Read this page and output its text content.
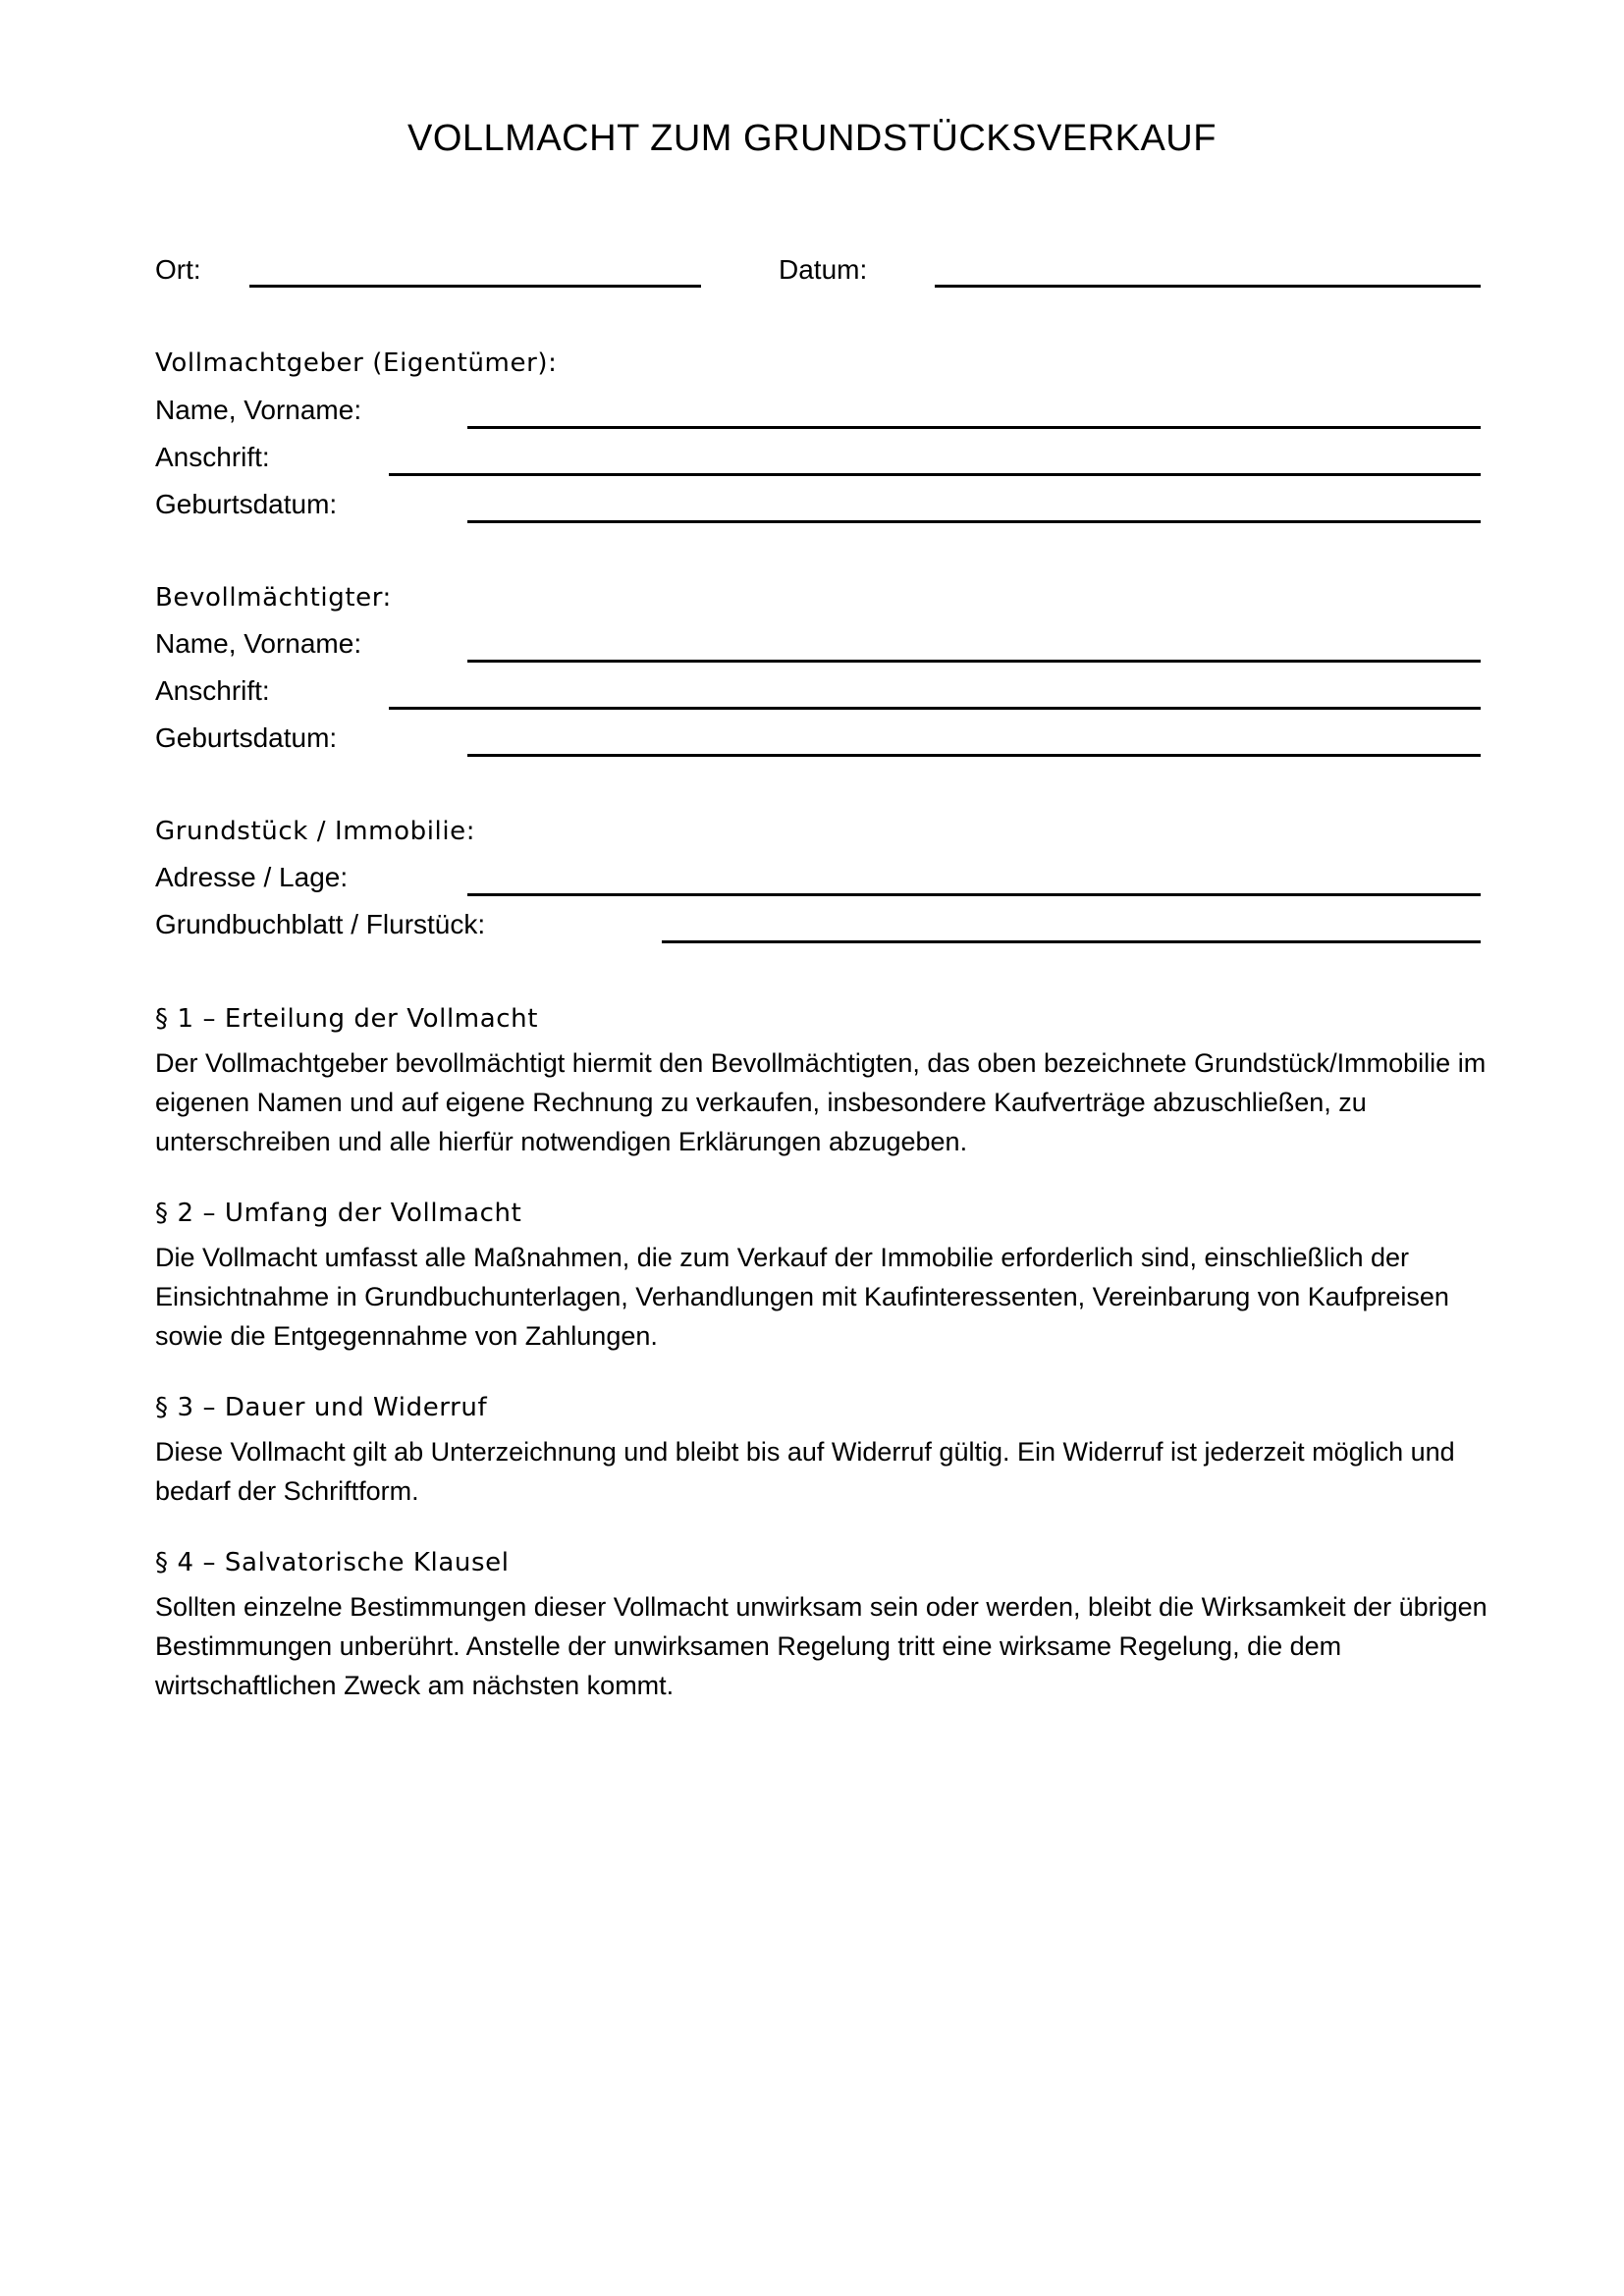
VOLLMACHT ZUM GRUNDSTÜCKSVERKAUF
Ort:	Datum:
Vollmachtgeber (Eigentümer):
Name, Vorname:
Anschrift:
Geburtsdatum:
Bevollmächtigter:
Name, Vorname:
Anschrift:
Geburtsdatum:
Grundstück / Immobilie:
Adresse / Lage:
Grundbuchblatt / Flurstück:
§ 1 – Erteilung der Vollmacht

Der Vollmachtgeber bevollmächtigt hiermit den Bevollmächtigten, das oben bezeichnete Grundstück/Immobilie im eigenen Namen und auf eigene Rechnung zu verkaufen, insbesondere Kaufverträge abzuschließen, zu unterschreiben und alle hierfür notwendigen Erklärungen abzugeben.

§ 2 – Umfang der Vollmacht

Die Vollmacht umfasst alle Maßnahmen, die zum Verkauf der Immobilie erforderlich sind, einschließlich der Einsichtnahme in Grundbuchunterlagen, Verhandlungen mit Kaufinteressenten, Vereinbarung von Kaufpreisen sowie die Entgegennahme von Zahlungen.

§ 3 – Dauer und Widerruf

Diese Vollmacht gilt ab Unterzeichnung und bleibt bis auf Widerruf gültig. Ein Widerruf ist jederzeit möglich und bedarf der Schriftform.

§ 4 – Salvatorische Klausel

Sollten einzelne Bestimmungen dieser Vollmacht unwirksam sein oder werden, bleibt die Wirksamkeit der übrigen Bestimmungen unberührt. Anstelle der unwirksamen Regelung tritt eine wirksame Regelung, die dem wirtschaftlichen Zweck am nächsten kommt.
